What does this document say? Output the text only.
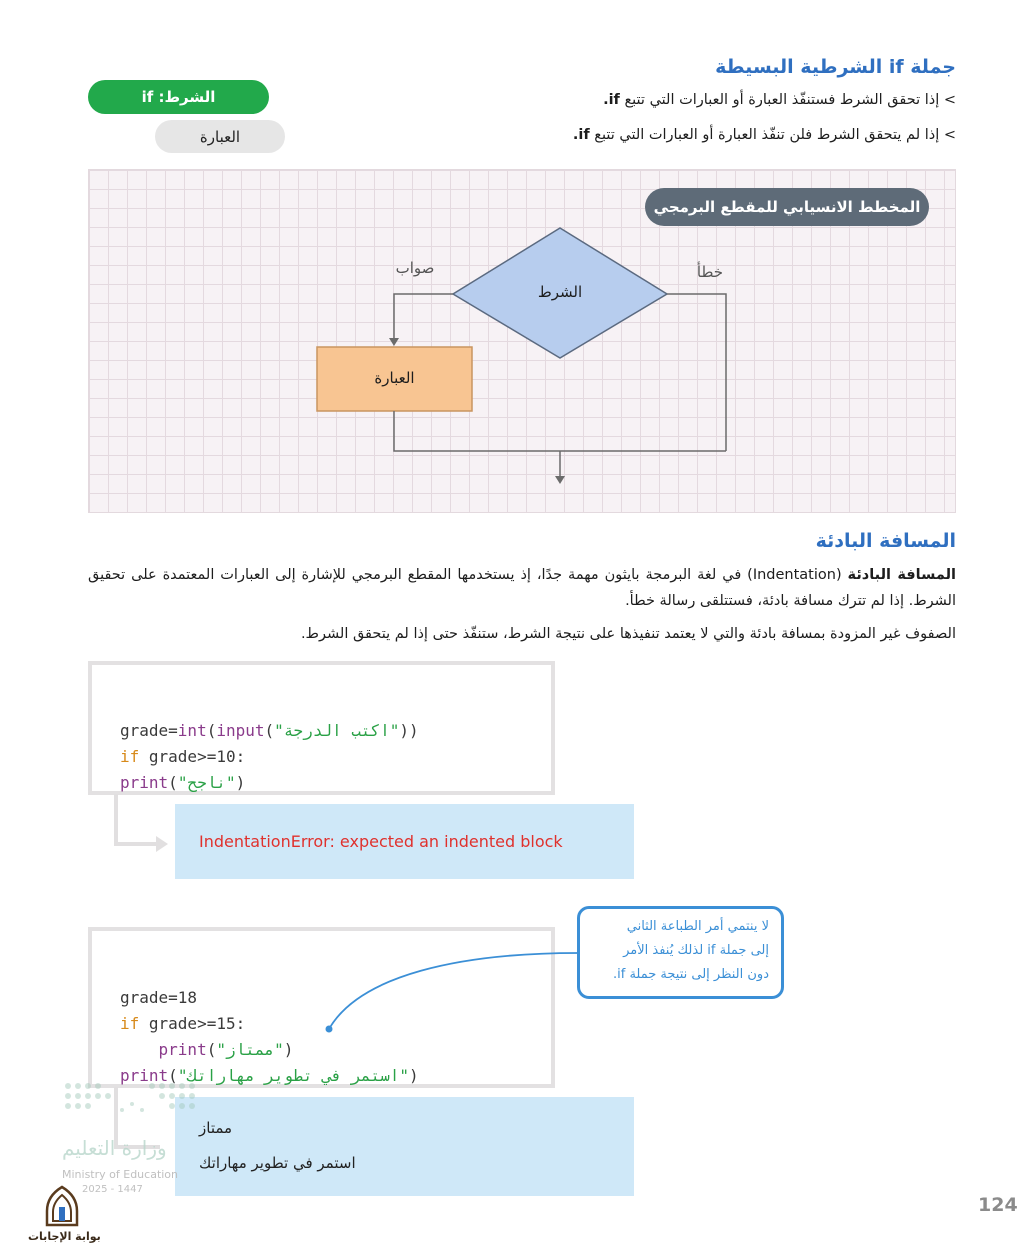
جملة if الشرطية البسيطة
> إذا تحقق الشرط فستنفّذ العبارة أو العبارات التي تتبع if.
> إذا لم يتحقق الشرط فلن تنفّذ العبارة أو العبارات التي تتبع if.
الشرط: if
العبارة
المخطط الانسيابي للمقطع البرمجي
الشرط
صواب	خطأ
العبارة
المسافة البادئة
المسافة البادئة (Indentation) في لغة البرمجة بايثون مهمة جدًا، إذ يستخدمها المقطع البرمجي للإشارة إلى العبارات المعتمدة على تحقيق الشرط. إذا لم تترك مسافة بادئة، فستتلقى رسالة خطأ.
الصفوف غير المزودة بمسافة بادئة والتي لا يعتمد تنفيذها على نتيجة الشرط، ستنفّذ حتى إذا لم يتحقق الشرط.

grade=int(input("اكتب الدرجة"))
if grade>=10:
print("ناجح")
IndentationError: expected an indented block

grade=18
if grade>=15:
print("ممتاز")
print("استمر في تطوير مهاراتك")
لا ينتمي أمر الطباعة الثاني
إلى جملة if لذلك يُنفذ الأمر
دون النظر إلى نتيجة جملة if.
ممتاز
استمر في تطوير مهاراتك
وزارة التعليم
Ministry of Education
2025 - 1447
بوابة الإجابات
124
